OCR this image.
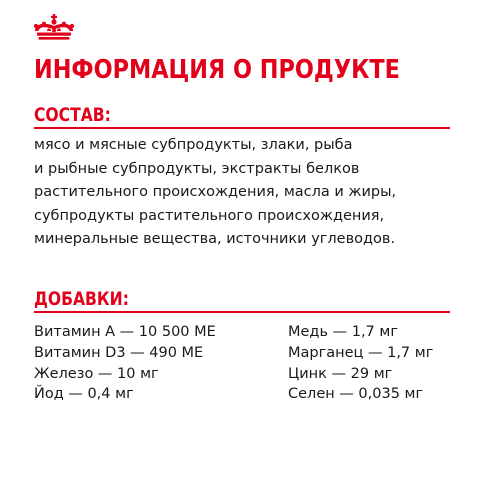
ИНФОРМАЦИЯ О ПРОДУКТЕ
СОСТАВ:
мясо и мясные субпродукты, злаки, рыба
и рыбные субпродукты, экстракты белков
растительного происхождения, масла и жиры,
субпродукты растительного происхождения,
минеральные вещества, источники углеводов.
ДОБАВКИ:
Витамин А — 10 500 МЕ
Витамин D3 — 490 МЕ
Железо — 10 мг
Йод — 0,4 мг
Медь — 1,7 мг
Марганец — 1,7 мг
Цинк — 29 мг
Селен — 0,035 мг
